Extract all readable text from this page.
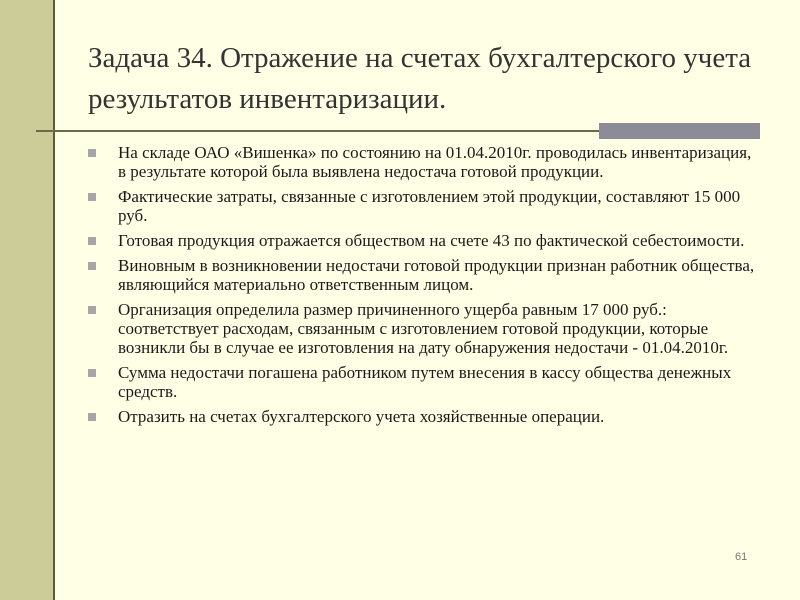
Задача 34. Отражение на счетах бухгалтерского учета результатов инвентаризации.
На складе ОАО «Вишенка» по состоянию на 01.04.2010г. проводилась инвентаризация, в результате которой была выявлена недостача готовой продукции.
Фактические затраты, связанные с изготовлением этой продукции, составляют 15 000 руб.
Готовая продукция отражается обществом на счете 43 по фактической себестоимости.
Виновным в возникновении недостачи готовой продукции признан работник общества, являющийся материально ответственным лицом.
Организация определила размер причиненного ущерба равным 17 000 руб.: соответствует расходам, связанным с изготовлением готовой продукции, которые возникли бы в случае ее изготовления на дату обнаружения недостачи - 01.04.2010г.
Сумма недостачи погашена работником путем внесения в кассу общества денежных средств.
Отразить на счетах бухгалтерского учета хозяйственные операции.
61
